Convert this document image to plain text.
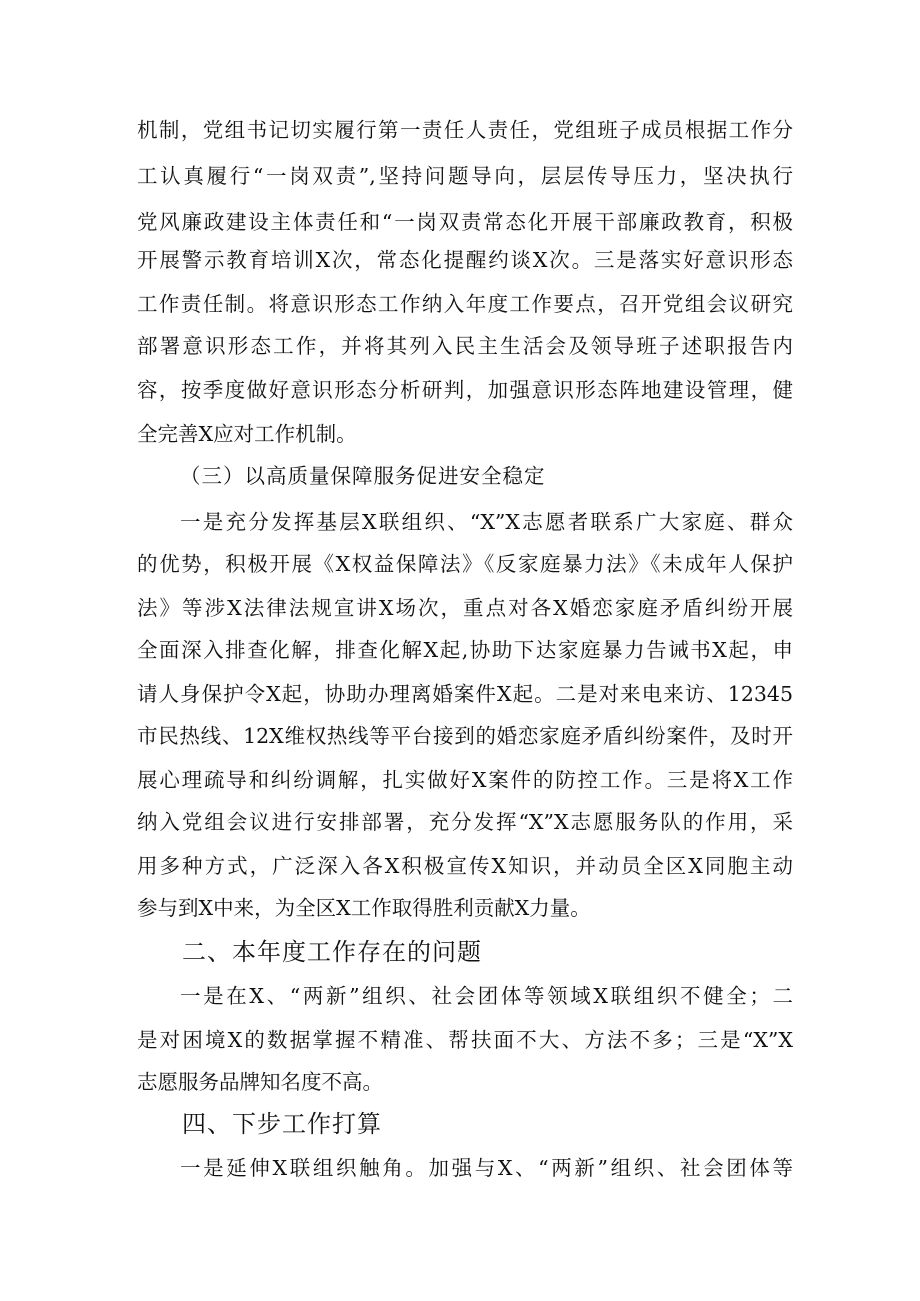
机制，党组书记切实履行第一责任人责任，党组班子成员根据工作分
工认真履行“一岗双责”,坚持问题导向，层层传导压力，坚决执行
党风廉政建设主体责任和“一岗双责常态化开展干部廉政教育，积极
开展警示教育培训X次，常态化提醒约谈X次。三是落实好意识形态
工作责任制。将意识形态工作纳入年度工作要点，召开党组会议研究
部署意识形态工作，并将其列入民主生活会及领导班子述职报告内
容，按季度做好意识形态分析研判，加强意识形态阵地建设管理，健
全完善X应对工作机制。
（三）以高质量保障服务促进安全稳定
一是充分发挥基层X联组织、“X”X志愿者联系广大家庭、群众
的优势，积极开展《X权益保障法》《反家庭暴力法》《未成年人保护
法》等涉X法律法规宣讲X场次，重点对各X婚恋家庭矛盾纠纷开展
全面深入排查化解，排查化解X起,协助下达家庭暴力告诫书X起，申
请人身保护令X起，协助办理离婚案件X起。二是对来电来访、12345
市民热线、12X维权热线等平台接到的婚恋家庭矛盾纠纷案件，及时开
展心理疏导和纠纷调解，扎实做好X案件的防控工作。三是将X工作
纳入党组会议进行安排部署，充分发挥“X”X志愿服务队的作用，采
用多种方式，广泛深入各X积极宣传X知识，并动员全区X同胞主动
参与到X中来，为全区X工作取得胜利贡献X力量。
二、本年度工作存在的问题
一是在X、“两新”组织、社会团体等领域X联组织不健全；二
是对困境X的数据掌握不精准、帮扶面不大、方法不多；三是“X”X
志愿服务品牌知名度不高。
四、下步工作打算
一是延伸X联组织触角。加强与X、“两新”组织、社会团体等
